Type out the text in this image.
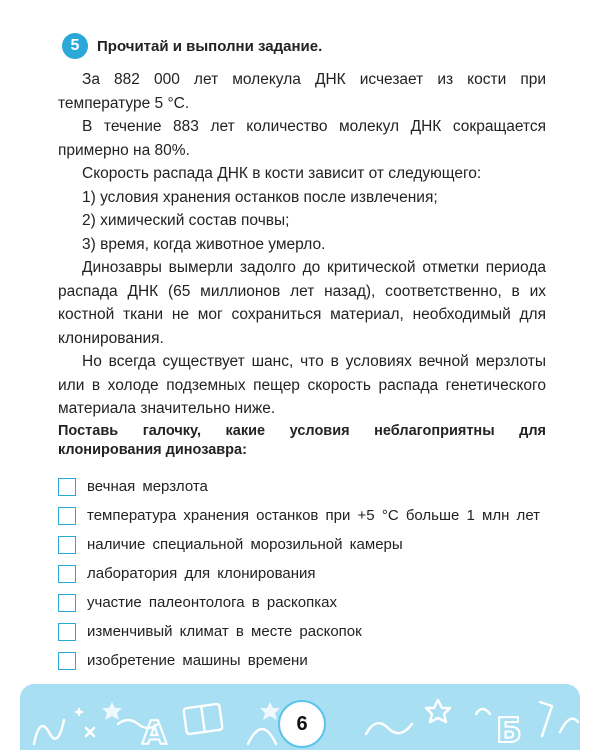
5	Прочитай и выполни задание.

За 882 000 лет молекула ДНК исчезает из кости при температуре 5 °С.

В течение 883 лет количество молекул ДНК сокращается примерно на 80%.

Скорость распада ДНК в кости зависит от следующего:

1) условия хранения останков после извлечения;

2) химический состав почвы;

3) время, когда животное умерло.

Динозавры вымерли задолго до критической отметки периода распада ДНК (65 миллионов лет назад), соответственно, в их костной ткани не мог сохраниться материал, необходимый для клонирования.

Но всегда существует шанс, что в условиях вечной мерзлоты или в холоде подземных пещер скорость распада генетического материала значительно ниже.

Поставь галочку, какие условия неблагоприятны для клонирования динозавра:
вечная мерзлота
температура хранения останков при +5 °С больше 1 млн лет
наличие специальной морозильной камеры
лаборатория для клонирования
участие палеонтолога в раскопках
изменчивый климат в месте раскопок
изобретение машины времени
А	Б
6
